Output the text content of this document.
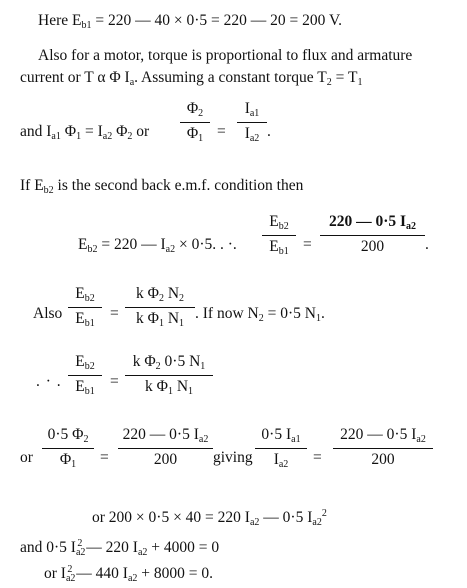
Here $E_{b1} = 220$ — 40 × 0·5 = 220 — 20 = 200 V.
Also for a motor, torque is proportional to flux and armature
current or T α Φ $I_a$. Assuming a constant torque $T_2 = T_1$
and $I_{a1}$ $\Phi_1 = I_{a2}$ $\Phi_2$ or
$\Phi_2$
$\Phi_1$ =
$I_{a1}$
$I_{a2}$ .
If $E_{b2}$ is the second back e.m.f. condition then
$E_{b2} = 220$ — $I_{a2} \times 0\cdot 5$. . ·.
$E_{b2}$
$E_{b1}$ =
220 — 0·5 $I_{a2}$
200	.
Also
$E_{b2}$
$E_{b1}$
=
k $\Phi_2$ $N_2$
k $\Phi_1$ $N_1$
. If now $N_2 = 0\cdot 5$ $N_1$.
. · .
$E_{b2}$
$E_{b1}$
=
k $\Phi_2$ 0·5 $N_1$
k $\Phi_1$ $N_1$
or
0·5 $\Phi_2$
$\Phi_1$ =
220 — 0·5 $I_{a2}$
200 giving
0·5 $I_{a1}$
$I_{a2}$ =
220 — 0·5 $I_{a2}$
200
or 200 × 0·5 × 40 = 220 $I_{a2}$ — 0·5 $I_{a2}^2$
and 0·5 $I_{a2}^2$ — 220 $I_{a2} + 4000 = 0$
or $I_{a2}^2$ — 440 $I_{a2} + 8000 = 0$.
